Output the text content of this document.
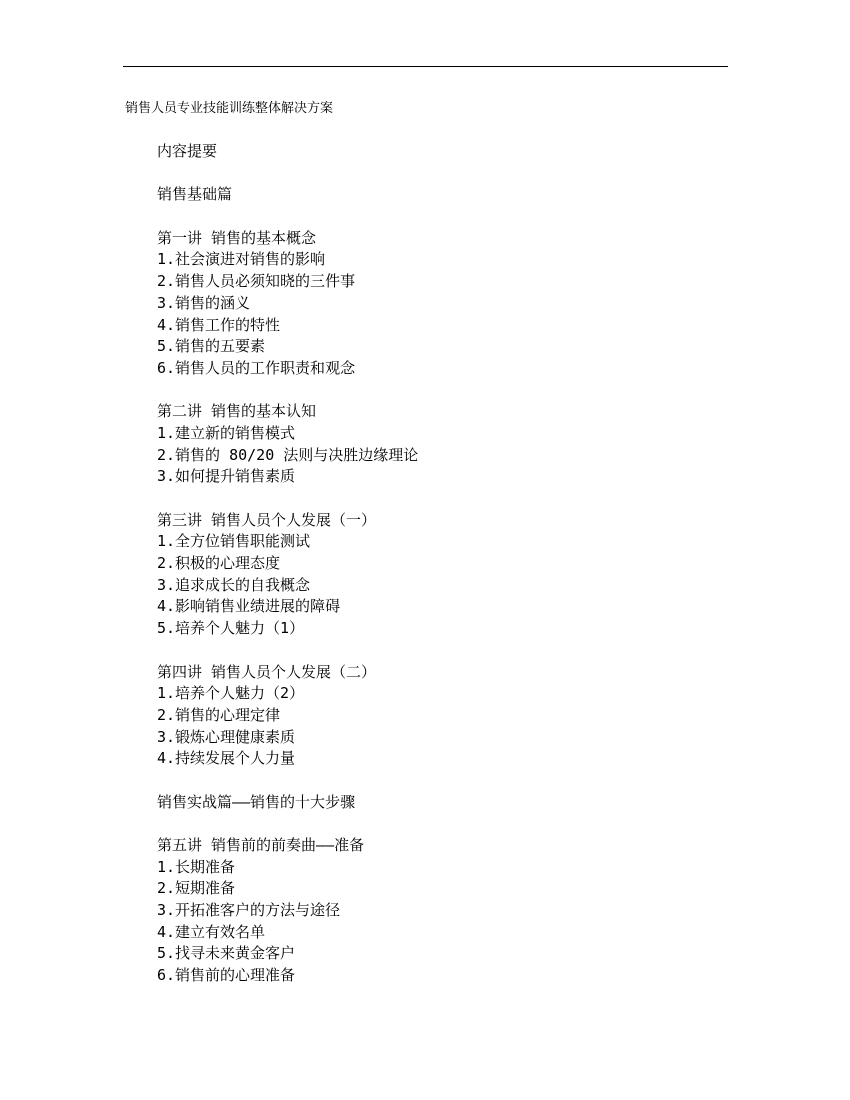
销售人员专业技能训练整体解决方案
内容提要
销售基础篇
第一讲 销售的基本概念
1.社会演进对销售的影响
2.销售人员必须知晓的三件事
3.销售的涵义
4.销售工作的特性
5.销售的五要素
6.销售人员的工作职责和观念
第二讲 销售的基本认知
1.建立新的销售模式
2.销售的 80/20 法则与决胜边缘理论
3.如何提升销售素质
第三讲 销售人员个人发展（一）
1.全方位销售职能测试
2.积极的心理态度
3.追求成长的自我概念
4.影响销售业绩进展的障碍
5.培养个人魅力（1）
第四讲 销售人员个人发展（二）
1.培养个人魅力（2）
2.销售的心理定律
3.锻炼心理健康素质
4.持续发展个人力量
销售实战篇——销售的十大步骤
第五讲 销售前的前奏曲——准备
1.长期准备
2.短期准备
3.开拓准客户的方法与途径
4.建立有效名单
5.找寻未来黄金客户
6.销售前的心理准备
